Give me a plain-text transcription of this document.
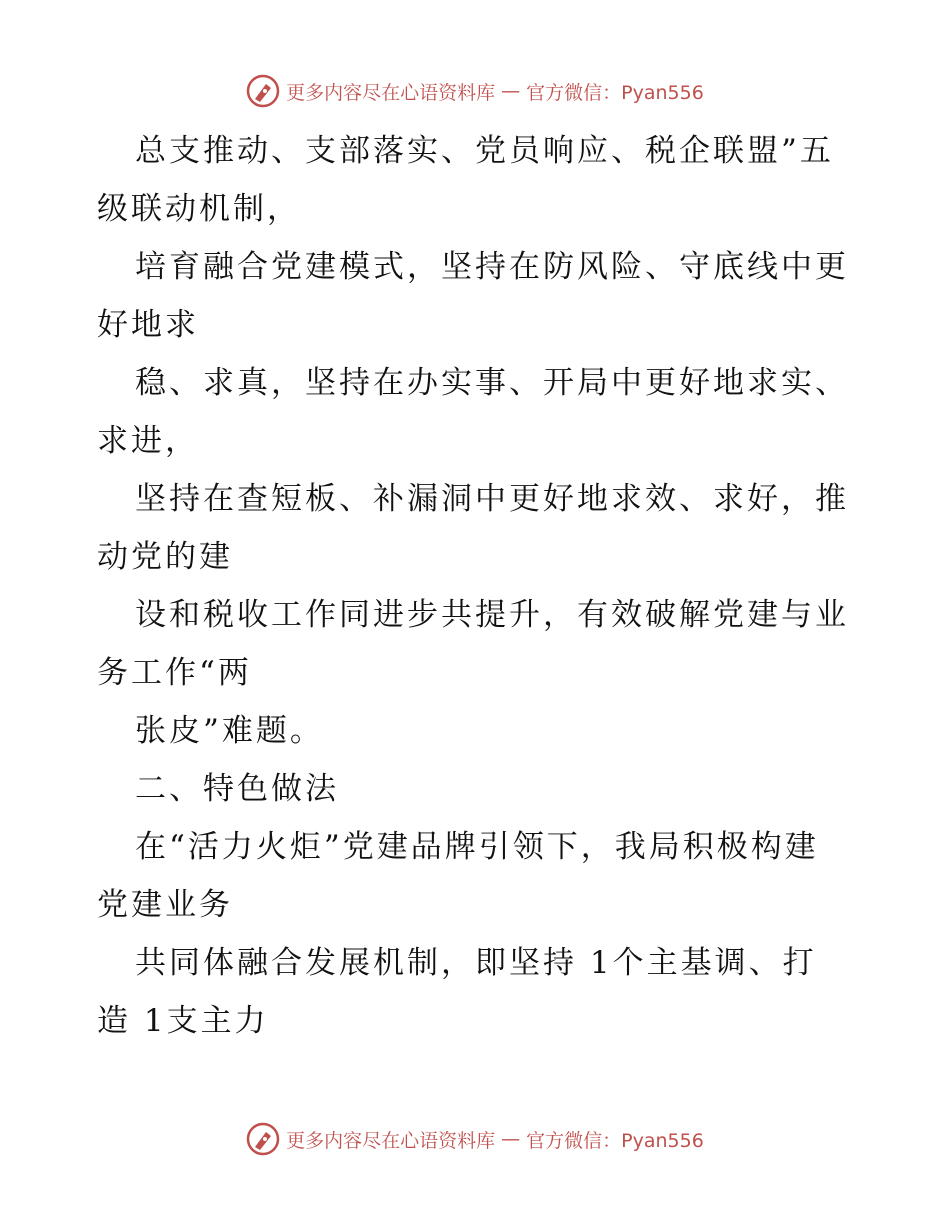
更多内容尽在心语资料库 — 官方微信：Pyan556
总支推动、支部落实、党员响应、税企联盟”五
级联动机制，
培育融合党建模式，坚持在防风险、守底线中更
好地求
稳、求真，坚持在办实事、开局中更好地求实、
求进，
坚持在查短板、补漏洞中更好地求效、求好，推
动党的建
设和税收工作同进步共提升，有效破解党建与业
务工作“两
张皮”难题。
二、特色做法
在“活力火炬”党建品牌引领下，我局积极构建
党建业务
共同体融合发展机制，即坚持 1个主基调、打
造 1支主力
更多内容尽在心语资料库 — 官方微信：Pyan556
